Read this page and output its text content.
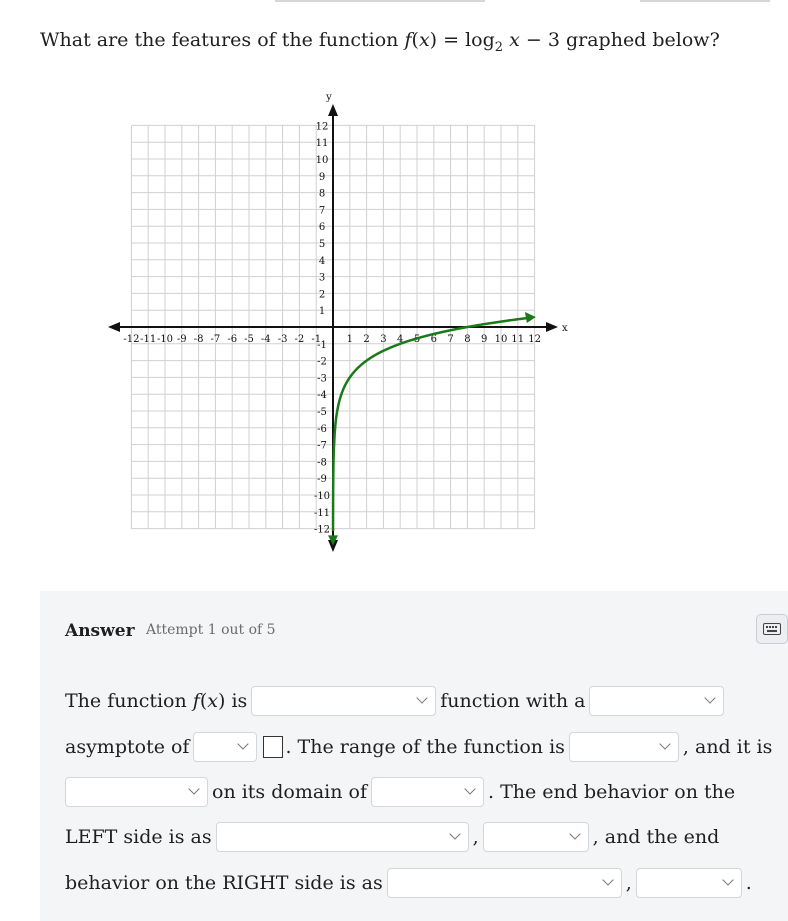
What are the features of the function $f(x) = \log_2 x - 3$ graphed below?
y
x
-12 -11 -10 -9 -8 -7 -6 -5 -4 -3 -2 -1	1 2 3 4 5 6 7 8 9 10 11 12
12
11
10
9
8
7
6
5
4
3
2
1
-1
-2
-3
-4
-5
-6
-7
-8
-9
-10
-11
-12
Answer Attempt 1 out of 5
The function
f(x)
is	function with a
asymptote of	. The range of the function is	, and it is
on its domain of	. The end behavior on the
LEFT side is as	,	, and the end
behavior on the RIGHT side is as	,	.
